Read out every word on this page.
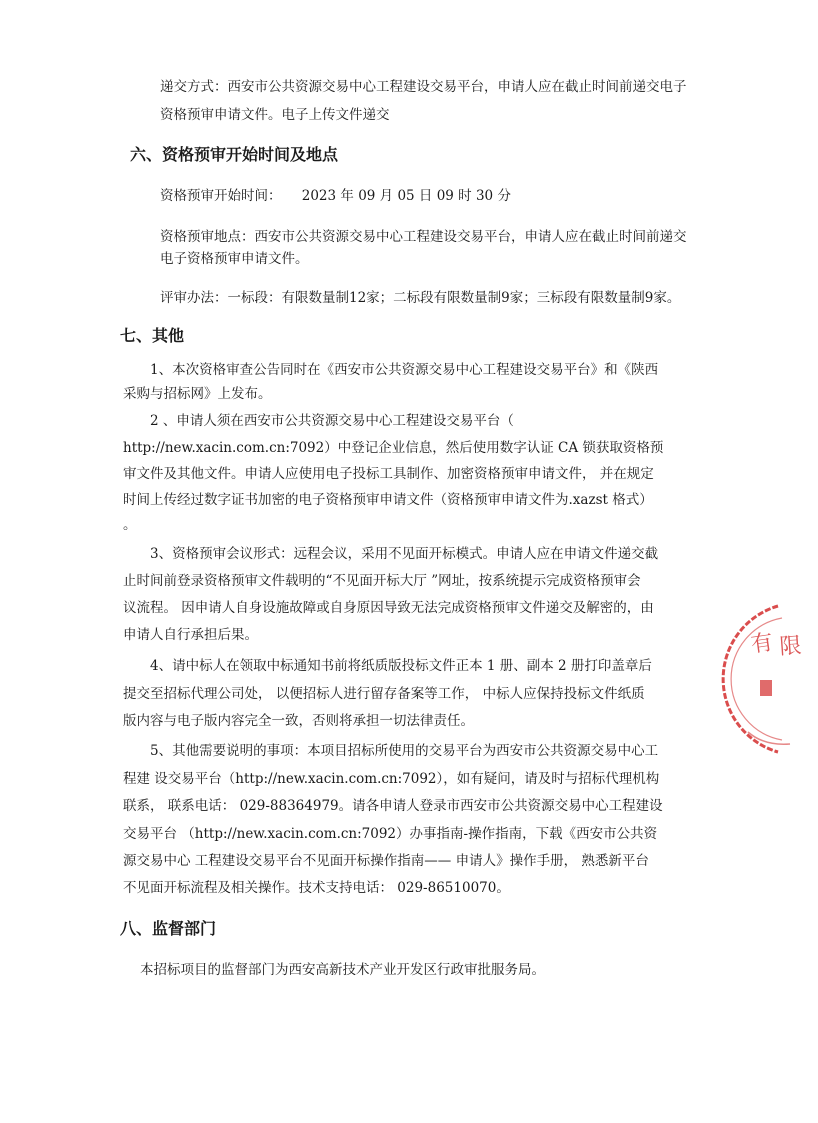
递交方式：西安市公共资源交易中心工程建设交易平台，申请人应在截止时间前递交电子

资格预审申请文件。电子上传文件递交

六、资格预审开始时间及地点

资格预审开始时间：　　2023 年 09 月 05 日 09 时 30 分

资格预审地点：西安市公共资源交易中心工程建设交易平台，申请人应在截止时间前递交

电子资格预审申请文件。

评审办法：一标段：有限数量制12家；二标段有限数量制9家；三标段有限数量制9家。

七、其他

1、本次资格审查公告同时在《西安市公共资源交易中心工程建设交易平台》和《陕西

采购与招标网》上发布。

2 、申请人须在西安市公共资源交易中心工程建设交易平台（

http://new.xacin.com.cn:7092）中登记企业信息，然后使用数字认证 CA 锁获取资格预

审文件及其他文件。申请人应使用电子投标工具制作、加密资格预审申请文件， 并在规定

时间上传经过数字证书加密的电子资格预审申请文件（资格预审申请文件为.xazst 格式）

。

3、资格预审会议形式：远程会议，采用不见面开标模式。申请人应在申请文件递交截

止时间前登录资格预审文件载明的“不见面开标大厅 ”网址，按系统提示完成资格预审会

议流程。 因申请人自身设施故障或自身原因导致无法完成资格预审文件递交及解密的，由

申请人自行承担后果。

4、请中标人在领取中标通知书前将纸质版投标文件正本 1 册、副本 2 册打印盖章后

提交至招标代理公司处， 以便招标人进行留存备案等工作， 中标人应保持投标文件纸质

版内容与电子版内容完全一致，否则将承担一切法律责任。

5、其他需要说明的事项：本项目招标所使用的交易平台为西安市公共资源交易中心工

程建 设交易平台（http://new.xacin.com.cn:7092），如有疑问，请及时与招标代理机构

联系， 联系电话： 029-88364979。请各申请人登录市西安市公共资源交易中心工程建设

交易平台 （http://new.xacin.com.cn:7092）办事指南-操作指南，下载《西安市公共资

源交易中心 工程建设交易平台不见面开标操作指南—— 申请人》操作手册， 熟悉新平台

不见面开标流程及相关操作。技术支持电话： 029-86510070。

八、监督部门

本招标项目的监督部门为西安高新技术产业开发区行政审批服务局。

有 限
